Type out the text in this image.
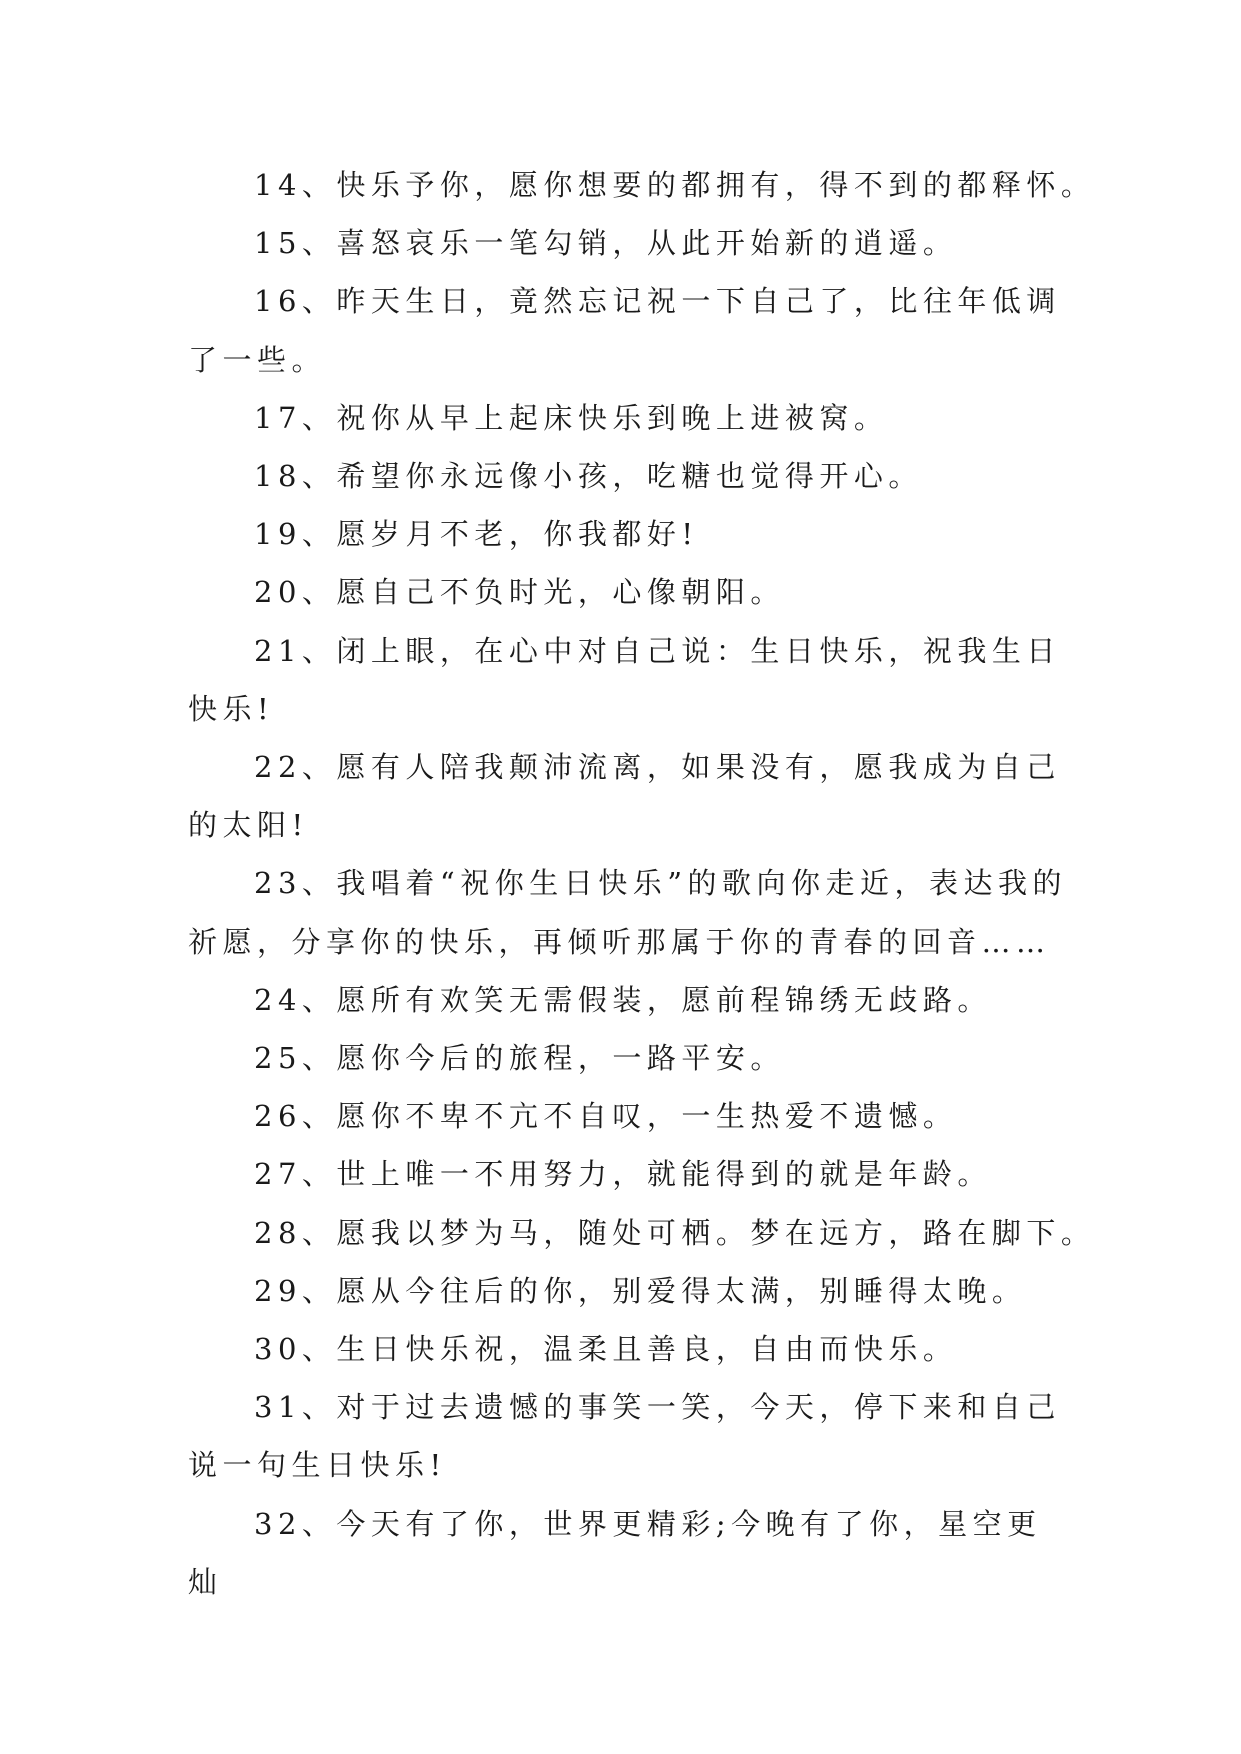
14、快乐予你，愿你想要的都拥有，得不到的都释怀。

15、喜怒哀乐一笔勾销，从此开始新的逍遥。

16、昨天生日，竟然忘记祝一下自己了，比往年低调了一些。

17、祝你从早上起床快乐到晚上进被窝。

18、希望你永远像小孩，吃糖也觉得开心。

19、愿岁月不老，你我都好!

20、愿自己不负时光，心像朝阳。

21、闭上眼，在心中对自己说：生日快乐，祝我生日快乐!

22、愿有人陪我颠沛流离，如果没有，愿我成为自己的太阳!

23、我唱着“祝你生日快乐”的歌向你走近，表达我的祈愿，分享你的快乐，再倾听那属于你的青春的回音……

24、愿所有欢笑无需假装，愿前程锦绣无歧路。

25、愿你今后的旅程，一路平安。

26、愿你不卑不亢不自叹，一生热爱不遗憾。

27、世上唯一不用努力，就能得到的就是年龄。

28、愿我以梦为马，随处可栖。梦在远方，路在脚下。

29、愿从今往后的你，别爱得太满，别睡得太晚。

30、生日快乐祝，温柔且善良，自由而快乐。

31、对于过去遗憾的事笑一笑，今天，停下来和自己说一句生日快乐!

32、今天有了你，世界更精彩;今晚有了你，星空更灿
